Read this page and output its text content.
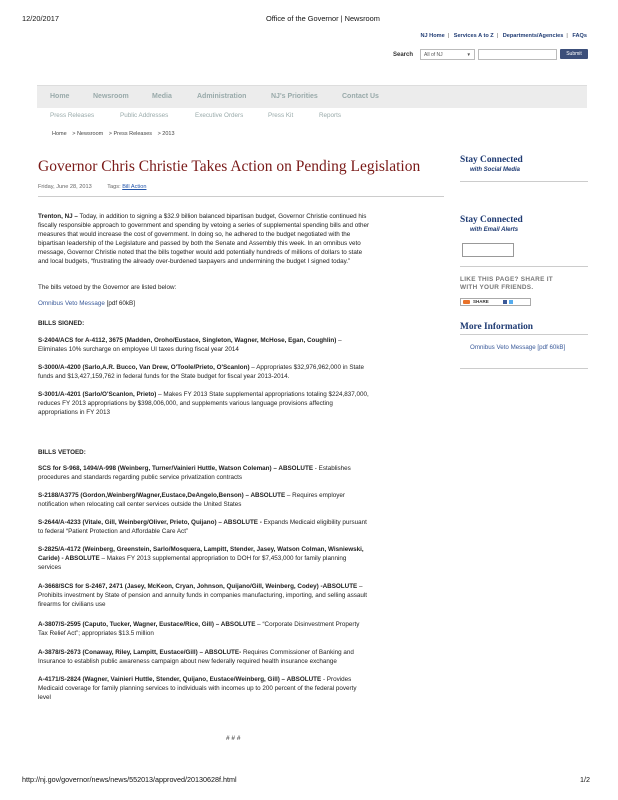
12/20/2017	Office of the Governor | Newsroom
NJ Home | Services A to Z | Departments/Agencies | FAQs
Search	All of NJ	▼	Submit
Home	Newsroom	Media	Administration	NJ's Priorities	Contact Us
Press Releases	Public Addresses	Executive Orders	Press Kit	Reports
Home > Newsroom > Press Releases > 2013
Governor Chris Christie Takes Action on Pending Legislation
Friday, June 28, 2013	Tags: Bill Action
Trenton, NJ – Today, in addition to signing a $32.9 billion balanced bipartisan budget, Governor Christie continued his
fiscally responsible approach to government and spending by vetoing a series of supplemental spending bills and other
measures that would increase the cost of government. In doing so, he adhered to the budget negotiated with the
bipartisan leadership of the Legislature and passed by both the Senate and Assembly this week. In an omnibus veto
message, Governor Christie noted that the bills together would add potentially hundreds of millions of dollars to state
and local budgets, “frustrating the already over-burdened taxpayers and undermining the budget I signed today.”
The bills vetoed by the Governor are listed below:
Omnibus Veto Message [pdf 60kB]
BILLS SIGNED:
S-2404/ACS for A-4112, 3675 (Madden, Oroho/Eustace, Singleton, Wagner, McHose, Egan, Coughlin) –
Eliminates 10% surcharge on employee UI taxes during fiscal year 2014
S-3000/A-4200 (Sarlo,A.R. Bucco, Van Drew, O'Toole/Prieto, O'Scanlon) – Appropriates $32,976,962,000 in State
funds and $13,427,159,762 in federal funds for the State budget for fiscal year 2013-2014.
S-3001/A-4201 (Sarlo/O'Scanlon, Prieto) – Makes FY 2013 State supplemental appropriations totaling $224,837,000,
reduces FY 2013 appropriations by $398,006,000, and supplements various language provisions affecting
appropriations in FY 2013
BILLS VETOED:
SCS for S-968, 1494/A-998 (Weinberg, Turner/Vainieri Huttle, Watson Coleman) – ABSOLUTE - Establishes
procedures and standards regarding public service privatization contracts
S-2188/A3775 (Gordon,Weinberg/Wagner,Eustace,DeAngelo,Benson) – ABSOLUTE – Requires employer
notification when relocating call center services outside the United States
S-2644/A-4233 (Vitale, Gill, Weinberg/Oliver, Prieto, Quijano) – ABSOLUTE - Expands Medicaid eligibility pursuant
to federal “Patient Protection and Affordable Care Act”
S-2825/A-4172 (Weinberg, Greenstein, Sarlo/Mosquera, Lampitt, Stender, Jasey, Watson Colman, Wisniewski,
Caride) - ABSOLUTE – Makes FY 2013 supplemental appropriation to DOH for $7,453,000 for family planning
services
A-3668/SCS for S-2467, 2471 (Jasey, McKeon, Cryan, Johnson, Quijano/Gill, Weinberg, Codey) -ABSOLUTE –
Prohibits investment by State of pension and annuity funds in companies manufacturing, importing, and selling assault
firearms for civilians use
A-3807/S-2595 (Caputo, Tucker, Wagner, Eustace/Rice, Gill) – ABSOLUTE – “Corporate Disinvestment Property
Tax Relief Act”; appropriates $13.5 million
A-3878/S-2673 (Conaway, Riley, Lampitt, Eustace/Gill) – ABSOLUTE- Requires Commissioner of Banking and
Insurance to establish public awareness campaign about new federally required health insurance exchange
A-4171/S-2824 (Wagner, Vainieri Huttle, Stender, Quijano, Eustace/Weinberg, Gill) – ABSOLUTE - Provides
Medicaid coverage for family planning services to individuals with incomes up to 200 percent of the federal poverty
level
# # #
Stay Connected
with Social Media
Stay Connected
with Email Alerts
LIKE THIS PAGE? SHARE IT
WITH YOUR FRIENDS.
SHARE
More Information
Omnibus Veto Message [pdf 60kB]
http://nj.gov/governor/news/news/552013/approved/20130628f.html	1/2
